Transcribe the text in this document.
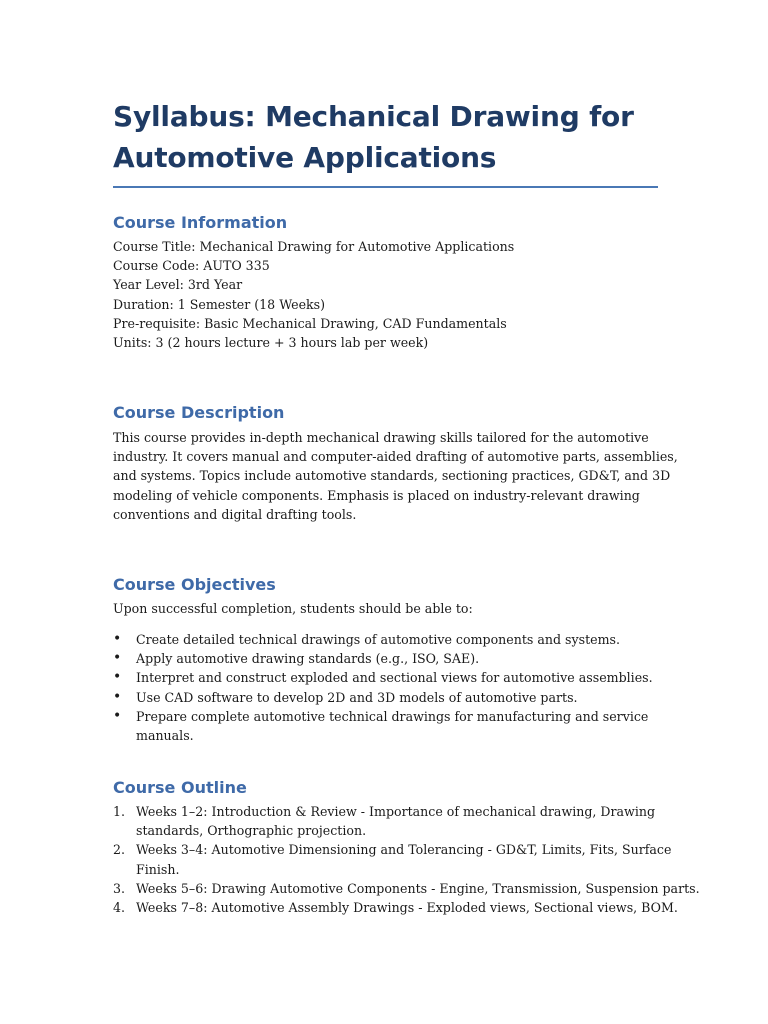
Syllabus: Mechanical Drawing for
Automotive Applications
Course Information
Course Title: Mechanical Drawing for Automotive Applications
Course Code: AUTO 335
Year Level: 3rd Year
Duration: 1 Semester (18 Weeks)
Pre-requisite: Basic Mechanical Drawing, CAD Fundamentals
Units: 3 (2 hours lecture + 3 hours lab per week)
Course Description
This course provides in-depth mechanical drawing skills tailored for the automotive
industry. It covers manual and computer-aided drafting of automotive parts, assemblies,
and systems. Topics include automotive standards, sectioning practices, GD&T, and 3D
modeling of vehicle components. Emphasis is placed on industry-relevant drawing
conventions and digital drafting tools.
Course Objectives
Upon successful completion, students should be able to:
• Create detailed technical drawings of automotive components and systems.
• Apply automotive drawing standards (e.g., ISO, SAE).
• Interpret and construct exploded and sectional views for automotive assemblies.
• Use CAD software to develop 2D and 3D models of automotive parts.
• Prepare complete automotive technical drawings for manufacturing and service
manuals.
Course Outline
1. Weeks 1–2: Introduction & Review - Importance of mechanical drawing, Drawing
standards, Orthographic projection.
2. Weeks 3–4: Automotive Dimensioning and Tolerancing - GD&T, Limits, Fits, Surface
Finish.
3. Weeks 5–6: Drawing Automotive Components - Engine, Transmission, Suspension parts.
4. Weeks 7–8: Automotive Assembly Drawings - Exploded views, Sectional views, BOM.
